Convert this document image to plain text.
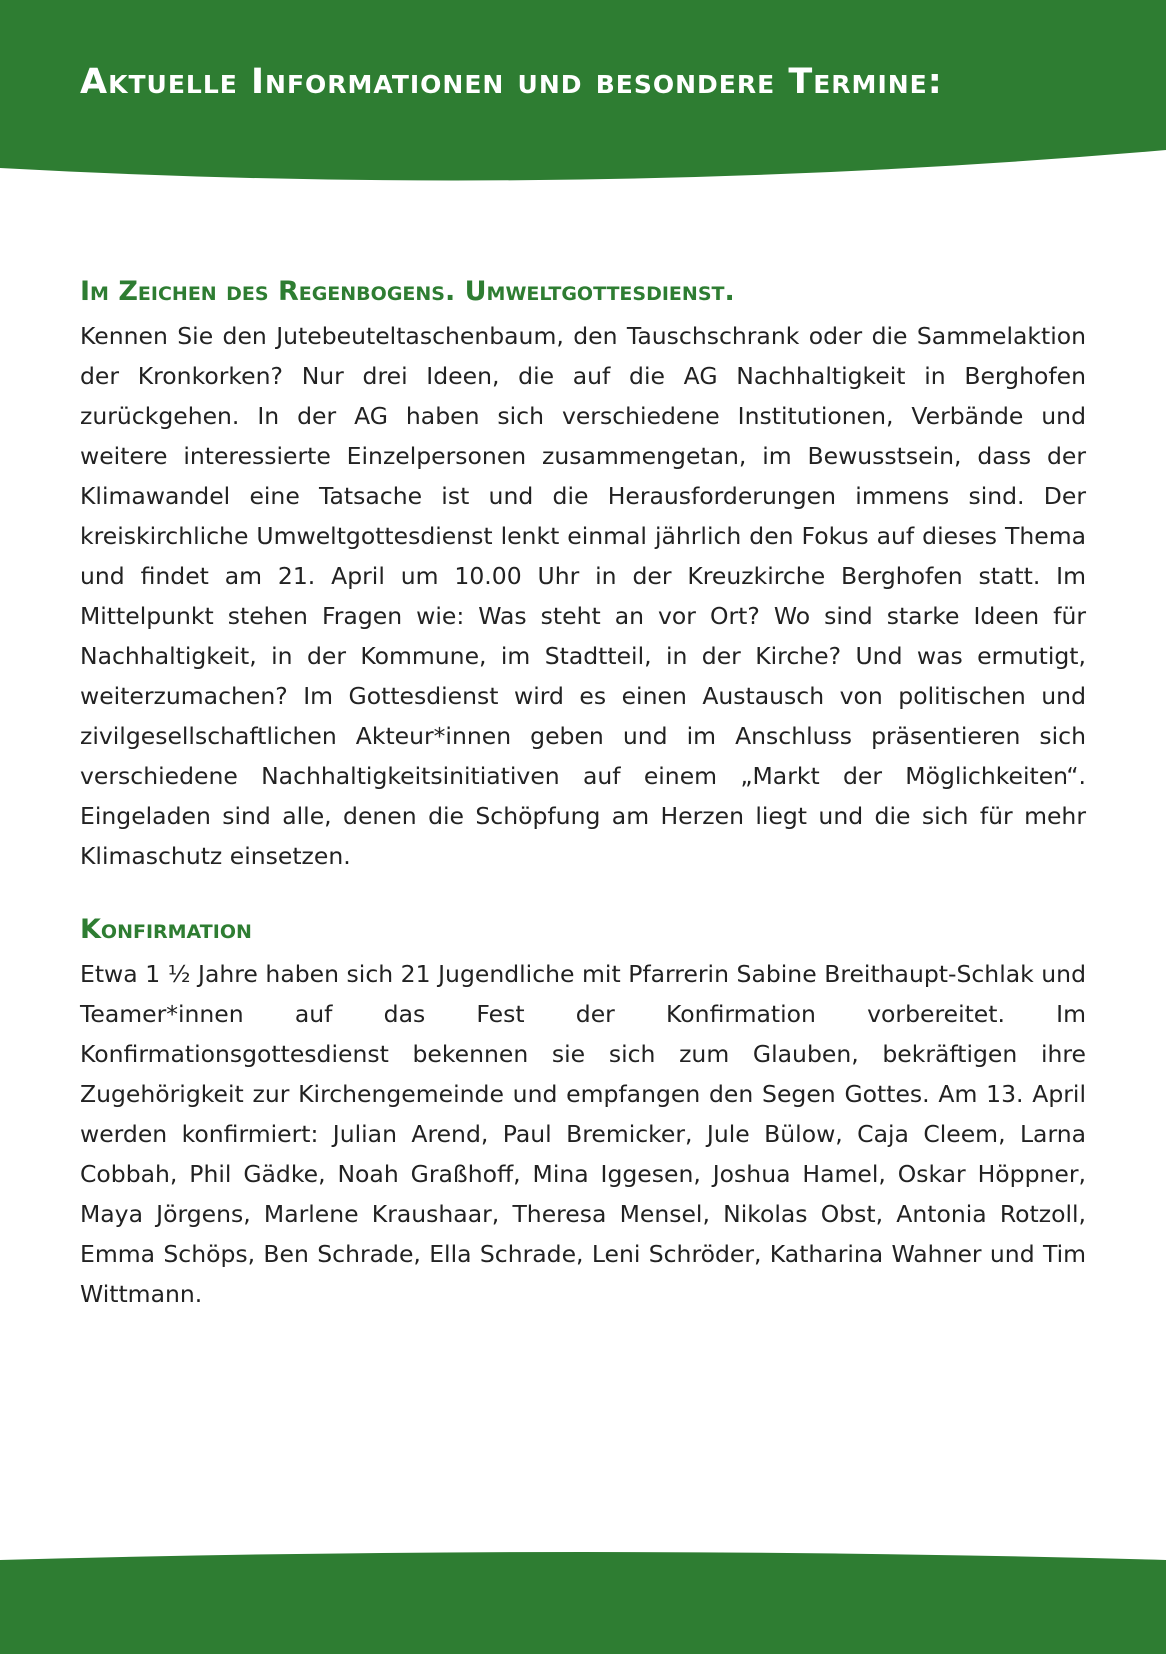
Aktuelle Informationen und besondere Termine:
Im Zeichen des Regenbogens. Umweltgottesdienst.

Kennen Sie den Jutebeuteltaschenbaum, den Tauschschrank oder die Sammelaktion der Kronkorken? Nur drei Ideen, die auf die AG Nachhaltigkeit in Berghofen zurückgehen. In der AG haben sich verschiedene Institutionen, Verbände und weitere interessierte Einzelpersonen zusammengetan, im Bewusstsein, dass der Klimawandel eine Tatsache ist und die Herausforderungen immens sind. Der kreiskirchliche Umweltgottesdienst lenkt einmal jährlich den Fokus auf dieses Thema und findet am 21. April um 10.00 Uhr in der Kreuzkirche Berghofen statt. Im Mittelpunkt stehen Fragen wie: Was steht an vor Ort? Wo sind starke Ideen für Nachhaltigkeit, in der Kommune, im Stadtteil, in der Kirche? Und was ermutigt, weiterzumachen? Im Gottesdienst wird es einen Austausch von politischen und zivilgesellschaftlichen Akteur*innen geben und im Anschluss präsentieren sich verschiedene Nachhaltigkeitsinitiativen auf einem „Markt der Möglichkeiten“. Eingeladen sind alle, denen die Schöpfung am Herzen liegt und die sich für mehr Klimaschutz einsetzen.

Konfirmation

Etwa 1 ½ Jahre haben sich 21 Jugendliche mit Pfarrerin Sabine Breithaupt-Schlak und Teamer*innen auf das Fest der Konfirmation vorbereitet. Im Konfirmationsgottesdienst bekennen sie sich zum Glauben, bekräftigen ihre Zugehörigkeit zur Kirchengemeinde und empfangen den Segen Gottes. Am 13. April werden konfirmiert: Julian Arend, Paul Bremicker, Jule Bülow, Caja Cleem, Larna Cobbah, Phil Gädke, Noah Graßhoff, Mina Iggesen, Joshua Hamel, Oskar Höppner, Maya Jörgens, Marlene Kraushaar, Theresa Mensel, Nikolas Obst, Antonia Rotzoll, Emma Schöps, Ben Schrade, Ella Schrade, Leni Schröder, Katharina Wahner und Tim Wittmann.
